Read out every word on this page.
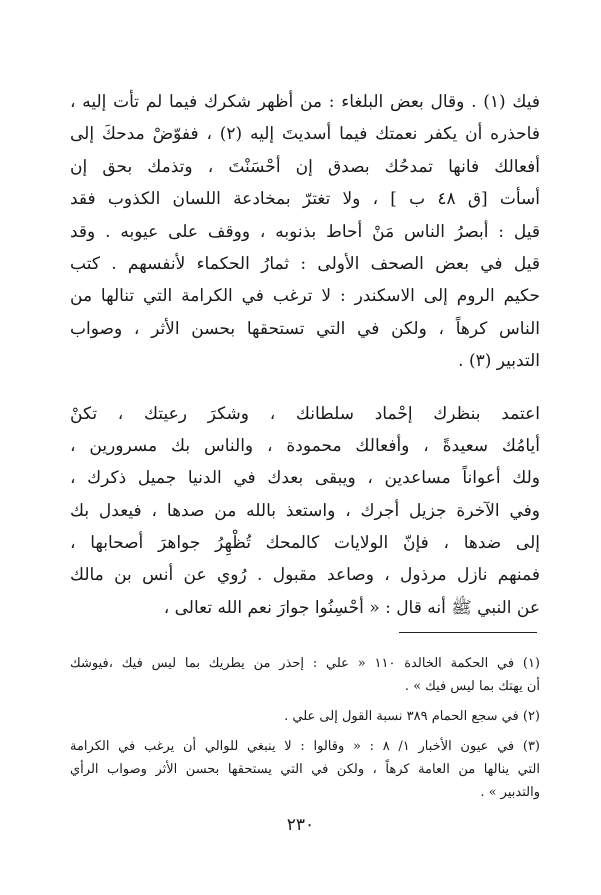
فيك (١) . وقال بعض البلغاء : من أظهر شكرك فيما لم تأت إليه ،
فاحذره أن يكفر نعمتك فيما أسديتَ إليه (٢) ، ففوّضْ مدحكَ إلى
أفعالك فانها تمدحُك بصدق إن أحْسَنْتَ ، وتذمك بحق إن
أسأت [ق ٤٨ ب ] ، ولا تغترّ بمخادعة اللسان الكذوب فقد
قيل : أبصرُ الناس مَنْ أحاط بذنوبه ، ووقف على عيوبه . وقد
قيل في بعض الصحف الأولى : ثمارُ الحكماء لأنفسهم . كتب
حكيم الروم إلى الاسكندر : لا ترغب في الكرامة التي تنالها من
الناس كرهاً ، ولكن في التي تستحقها بحسن الأثر ، وصواب
التدبير (٣) .
اعتمد بنظرك إحْماد سلطانك ، وشكرَ رعيتك ، تكنْ
أيامُك سعيدةً ، وأفعالك محمودة ، والناس بك مسرورين ،
ولك أعواناً مساعدين ، ويبقى بعدك في الدنيا جميل ذكرك ،
وفي الآخرة جزيل أجرك ، واستعذ بالله من صدها ، فيعدل بك
إلى ضدها ، فإنّ الولايات كالمحك تُظْهِرُ جواهرَ أصحابها ،
فمنهم نازل مرذول ، وصاعد مقبول . رُوي عن أنس بن مالك
عن النبي ﷺ أنه قال : « أحْسِنُوا جوارَ نعم الله تعالى ،
(١) في الحكمة الخالدة ١١٠ « علي : إحذر من يطريك بما ليس فيك ،فيوشك
أن يهتك بما ليس فيك » .
(٢) في سجع الحمام ٣٨٩ نسبة القول إلى علي .
(٣) في عيون الأخبار ١/ ٨ : « وقالوا : لا ينبغي للوالي أن يرغب في الكرامة
التي ينالها من العامة كرهاً ، ولكن في التي يستحقها بحسن الأثر وصواب الرأي
والتدبير » .
٢٣٠
